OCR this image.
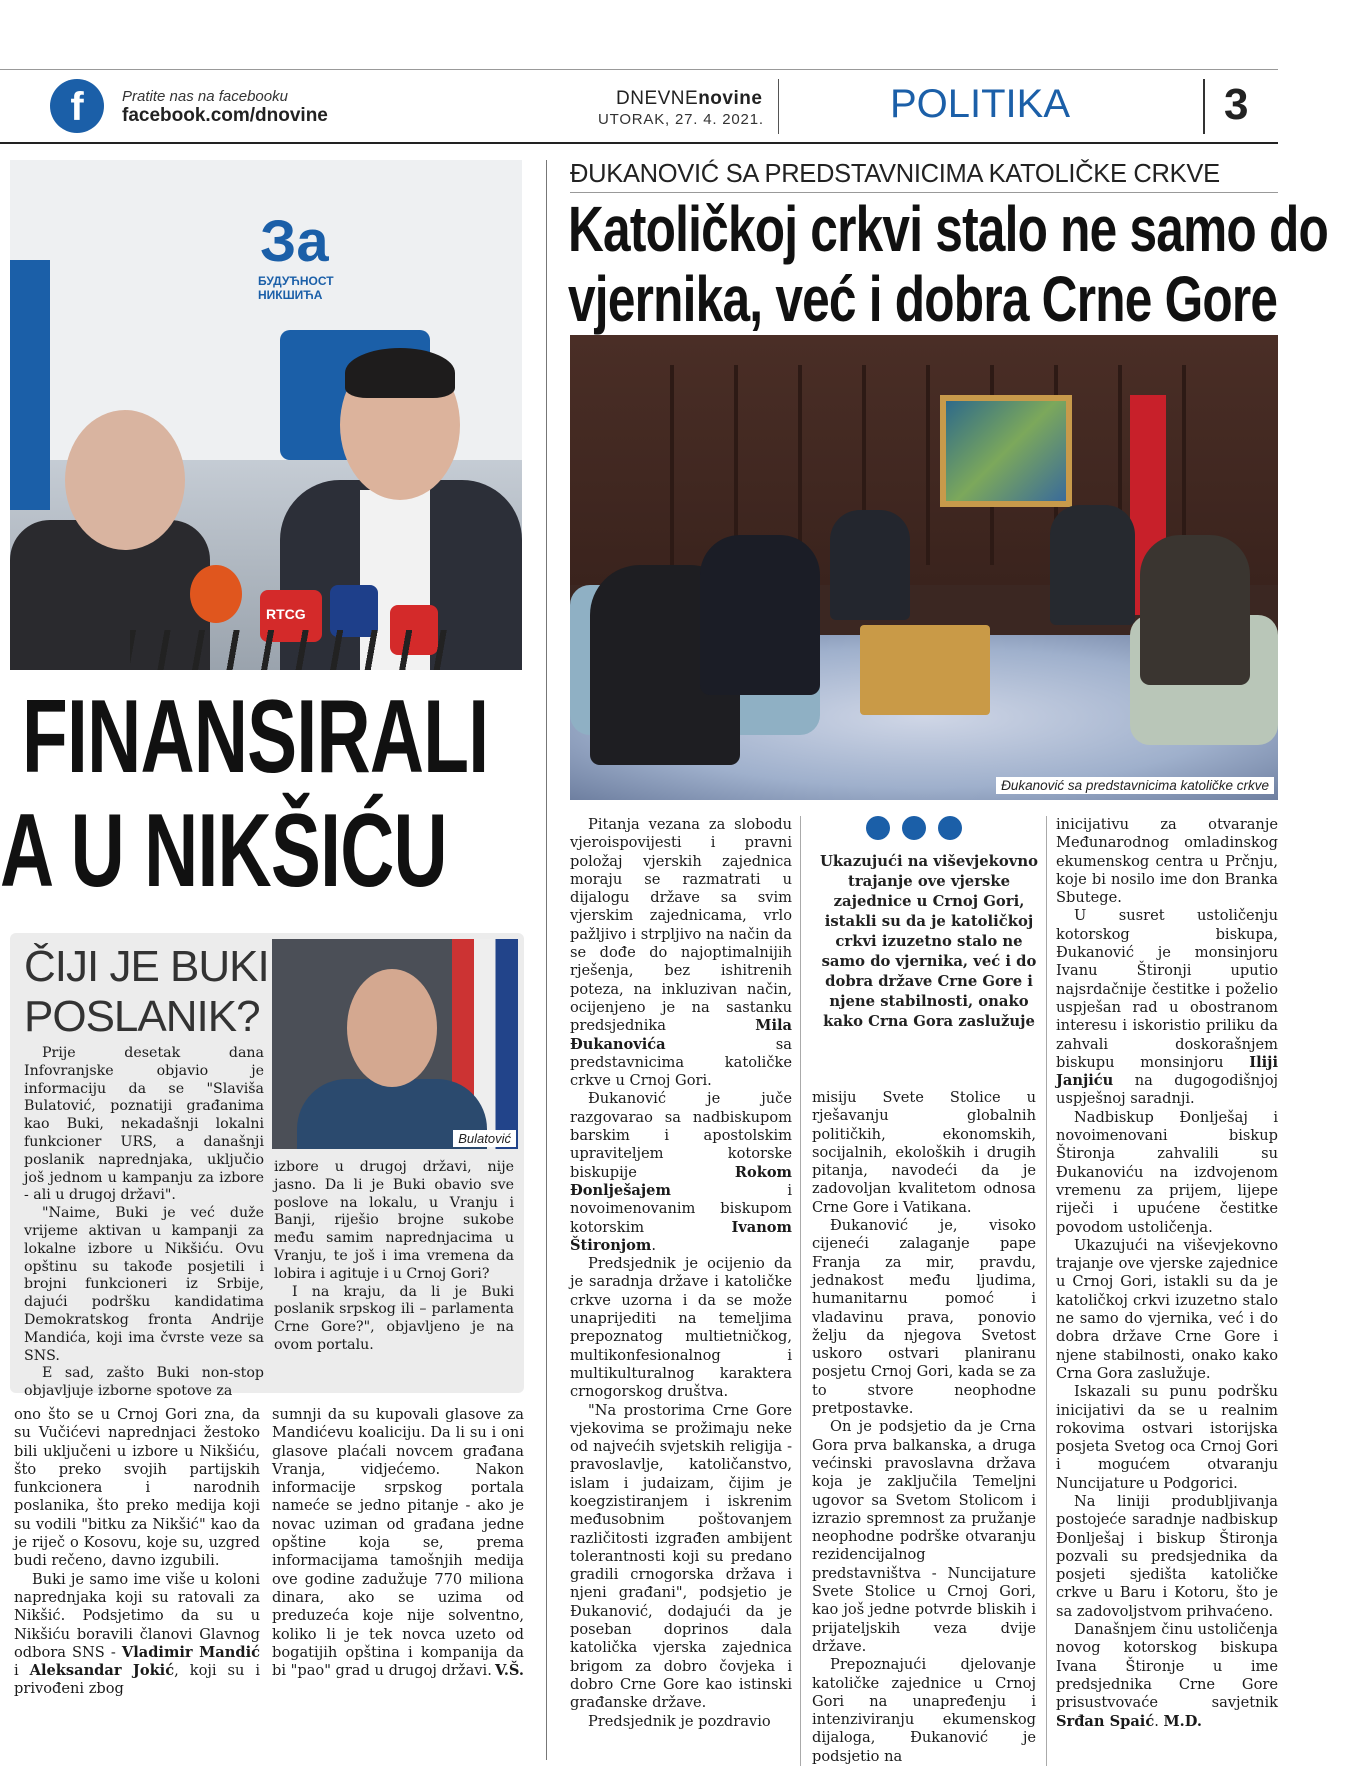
f	Pratite nas na facebooku
facebook.com/dnovine
DNEVNEnovine
UTORAK, 27. 4. 2021.	POLITIKA	3
За
БУДУЋНОСТ
НИКШИЋА
RTCG
FINANSIRALI
A U NIKŠIĆU
ČIJI JE BUKI
POSLANIK?
Bulatović

Prije desetak dana Infovranjske objavio je informaciju da se "Slaviša Bulatović, poznatiji građanima kao Buki, nekadašnji lokalni funkcioner URS, a današnji poslanik naprednjaka, uključio još jednom u kampanju za izbore - ali u drugoj državi".

"Naime, Buki je već duže vrijeme aktivan u kampanji za lokalne izbore u Nikšiću. Ovu opštinu su takođe posjetili i brojni funkcioneri iz Srbije, dajući podršku kandidatima Demokratskog fronta Andrije Mandića, koji ima čvrste veze sa SNS.

E sad, zašto Buki non-stop objavljuje izborne spotove za

izbore u drugoj državi, nije jasno. Da li je Buki obavio sve poslove na lokalu, u Vranju i Banji, riješio brojne sukobe među samim naprednjacima u Vranju, te još i ima vremena da lobira i agituje i u Crnoj Gori?

I na kraju, da li je Buki poslanik srpskog ili – parlamenta Crne Gore?", objavljeno je na ovom portalu.

ono što se u Crnoj Gori zna, da su Vučićevi naprednjaci žestoko bili uključeni u izbore u Nikšiću, što preko svojih partijskih funkcionera i narodnih poslanika, što preko medija koji su vodili "bitku za Nikšić" kao da je riječ o Kosovu, koje su, uzgred budi rečeno, davno izgubili.

Buki je samo ime više u koloni naprednjaka koji su ratovali za Nikšić. Podsjetimo da su u Nikšiću boravili članovi Glavnog odbora SNS - Vladimir Mandić i Aleksandar Jokić, koji su i privođeni zbog

sumnji da su kupovali glasove za Mandićevu koaliciju. Da li su i oni glasove plaćali novcem građana Vranja, vidjećemo. Nakon informacije srpskog portala nameće se jedno pitanje - ako je novac uziman od građana jedne opštine koja se, prema informacijama tamošnjih medija ove godine zadužuje 770 miliona dinara, ako se uzima od preduzeća koje nije solventno, koliko li je tek novca uzeto od bogatijih opština i kompanija da bi "pao" grad u drugoj državi. V.Š.

ĐUKANOVIĆ SA PREDSTAVNICIMA KATOLIČKE CRKVE
Katoličkoj crkvi stalo ne samo do
vjernika, već i dobra Crne Gore
Đukanović sa predstavnicima katoličke crkve

Pitanja vezana za slobodu vjeroispovijesti i pravni položaj vjerskih zajednica moraju se razmatrati u dijalogu države sa svim vjerskim zajednicama, vrlo pažljivo i strpljivo na način da se dođe do najoptimalnijih rješenja, bez ishitrenih poteza, na inkluzivan način, ocijenjeno je na sastanku predsjednika Mila Đukanovića sa predstavnicima katoličke crkve u Crnoj Gori.

Đukanović je juče razgovarao sa nadbiskupom barskim i apostolskim upraviteljem kotorske biskupije Rokom Đonlješajem i novoimenovanim biskupom kotorskim Ivanom Štironjom.

Predsjednik je ocijenio da je saradnja države i katoličke crkve uzorna i da se može unaprijediti na temeljima prepoznatog multietničkog, multikonfesionalnog i multikulturalnog karaktera crnogorskog društva.

"Na prostorima Crne Gore vjekovima se prožimaju neke od najvećih svjetskih religija - pravoslavlje, katoličanstvo, islam i judaizam, čijim je koegzistiranjem i iskrenim međusobnim poštovanjem različitosti izgrađen ambijent tolerantnosti koji su predano gradili crnogorska država i njeni građani", podsjetio je Đukanović, dodajući da je poseban doprinos dala katolička vjerska zajednica brigom za dobro čovjeka i dobro Crne Gore kao istinski građanske države.

Predsjednik je pozdravio

Ukazujući na viševjekovno trajanje ove vjerske zajednice u Crnoj Gori, istakli su da je katoličkoj crkvi izuzetno stalo ne samo do vjernika, već i do dobra države Crne Gore i njene stabilnosti, onako kako Crna Gora zaslužuje

misiju Svete Stolice u rješavanju globalnih političkih, ekonomskih, socijalnih, ekoloških i drugih pitanja, navodeći da je zadovoljan kvalitetom odnosa Crne Gore i Vatikana.

Đukanović je, visoko cijeneći zalaganje pape Franja za mir, pravdu, jednakost među ljudima, humanitarnu pomoć i vladavinu prava, ponovio želju da njegova Svetost uskoro ostvari planiranu posjetu Crnoj Gori, kada se za to stvore neophodne pretpostavke.

On je podsjetio da je Crna Gora prva balkanska, a druga većinski pravoslavna država koja je zaključila Temeljni ugovor sa Svetom Stolicom i izrazio spremnost za pružanje neophodne podrške otvaranju rezidencijalnog predstavništva - Nuncijature Svete Stolice u Crnoj Gori, kao još jedne potvrde bliskih i prijateljskih veza dvije države.

Prepoznajući djelovanje katoličke zajednice u Crnoj Gori na unapređenju i intenziviranju ekumenskog dijaloga, Đukanović je podsjetio na

inicijativu za otvaranje Međunarodnog omladinskog ekumenskog centra u Prčnju, koje bi nosilo ime don Branka Sbutege.

U susret ustoličenju kotorskog biskupa, Đukanović je monsinjoru Ivanu Štironji uputio najsrdačnije čestitke i poželio uspješan rad u obostranom interesu i iskoristio priliku da zahvali doskorašnjem biskupu monsinjoru Iliji Janjiću na dugogodišnjoj uspješnoj saradnji.

Nadbiskup Đonlješaj i novoimenovani biskup Štironja zahvalili su Đukanoviću na izdvojenom vremenu za prijem, lijepe riječi i upućene čestitke povodom ustoličenja.

Ukazujući na viševjekovno trajanje ove vjerske zajednice u Crnoj Gori, istakli su da je katoličkoj crkvi izuzetno stalo ne samo do vjernika, već i do dobra države Crne Gore i njene stabilnosti, onako kako Crna Gora zaslužuje.

Iskazali su punu podršku inicijativi da se u realnim rokovima ostvari istorijska posjeta Svetog oca Crnoj Gori i mogućem otvaranju Nuncijature u Podgorici.

Na liniji produbljivanja postojeće saradnje nadbiskup Đonlješaj i biskup Štironja pozvali su predsjednika da posjeti sjedišta katoličke crkve u Baru i Kotoru, što je sa zadovoljstvom prihvaćeno.

Današnjem činu ustoličenja novog kotorskog biskupa Ivana Štironje u ime predsjednika Crne Gore prisustvovaće savjetnik Srđan Spaić. M.D.
